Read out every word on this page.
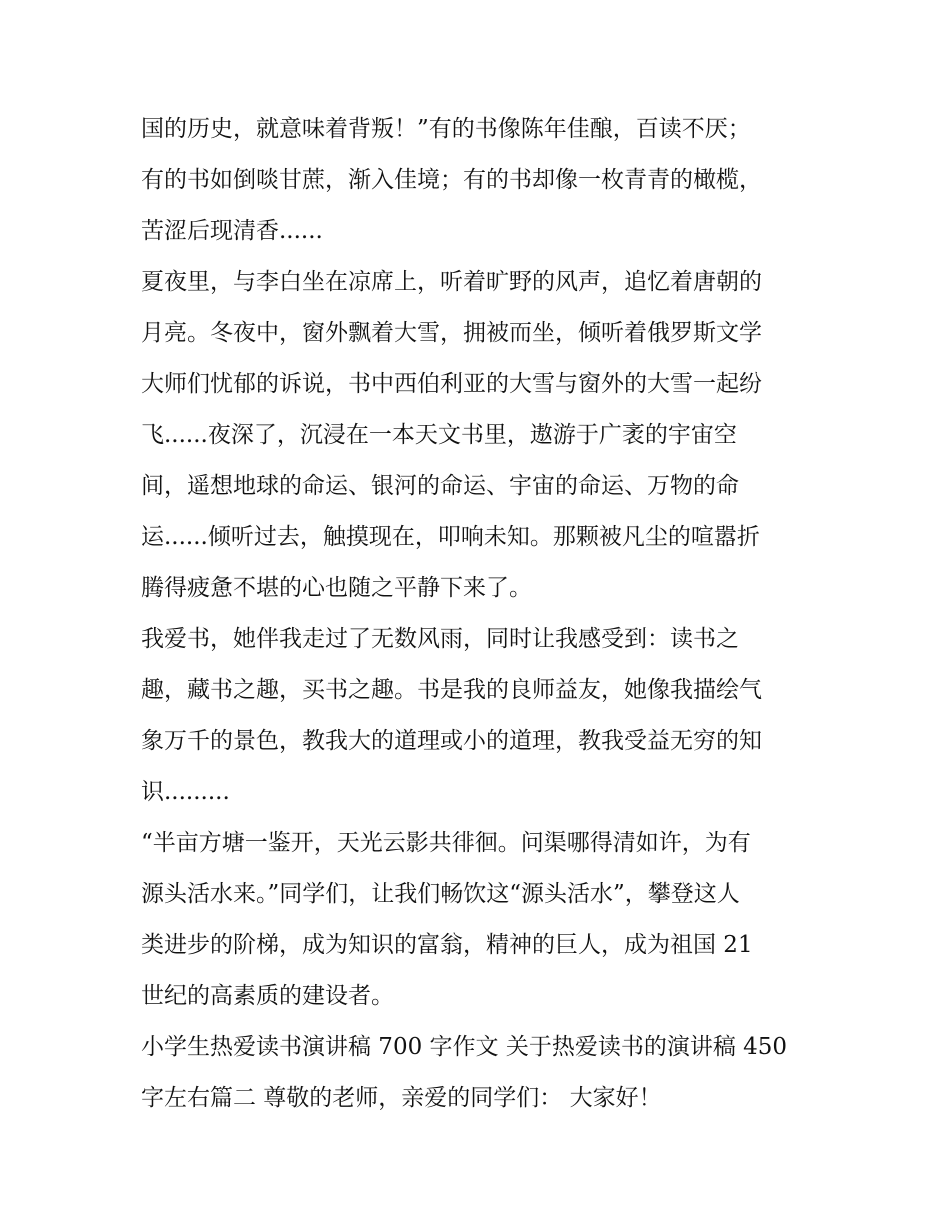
国的历史，就意味着背叛！”有的书像陈年佳酿，百读不厌；
有的书如倒啖甘蔗，渐入佳境；有的书却像一枚青青的橄榄，
苦涩后现清香......
夏夜里，与李白坐在凉席上，听着旷野的风声，追忆着唐朝的
月亮。冬夜中，窗外飘着大雪，拥被而坐，倾听着俄罗斯文学
大师们忧郁的诉说，书中西伯利亚的大雪与窗外的大雪一起纷
飞......夜深了，沉浸在一本天文书里，遨游于广袤的宇宙空
间，遥想地球的命运、银河的命运、宇宙的命运、万物的命
运......倾听过去，触摸现在，叩响未知。那颗被凡尘的喧嚣折
腾得疲惫不堪的心也随之平静下来了。
我爱书，她伴我走过了无数风雨，同时让我感受到：读书之
趣，藏书之趣，买书之趣。书是我的良师益友，她像我描绘气
象万千的景色，教我大的道理或小的道理，教我受益无穷的知
识.........
“半亩方塘一鉴开，天光云影共徘徊。问渠哪得清如许，为有
源头活水来。”同学们，让我们畅饮这“源头活水”，攀登这人
类进步的阶梯，成为知识的富翁，精神的巨人，成为祖国 21
世纪的高素质的建设者。
小学生热爱读书演讲稿 700 字作文 关于热爱读书的演讲稿 450
字左右篇二 尊敬的老师，亲爱的同学们： 大家好！
